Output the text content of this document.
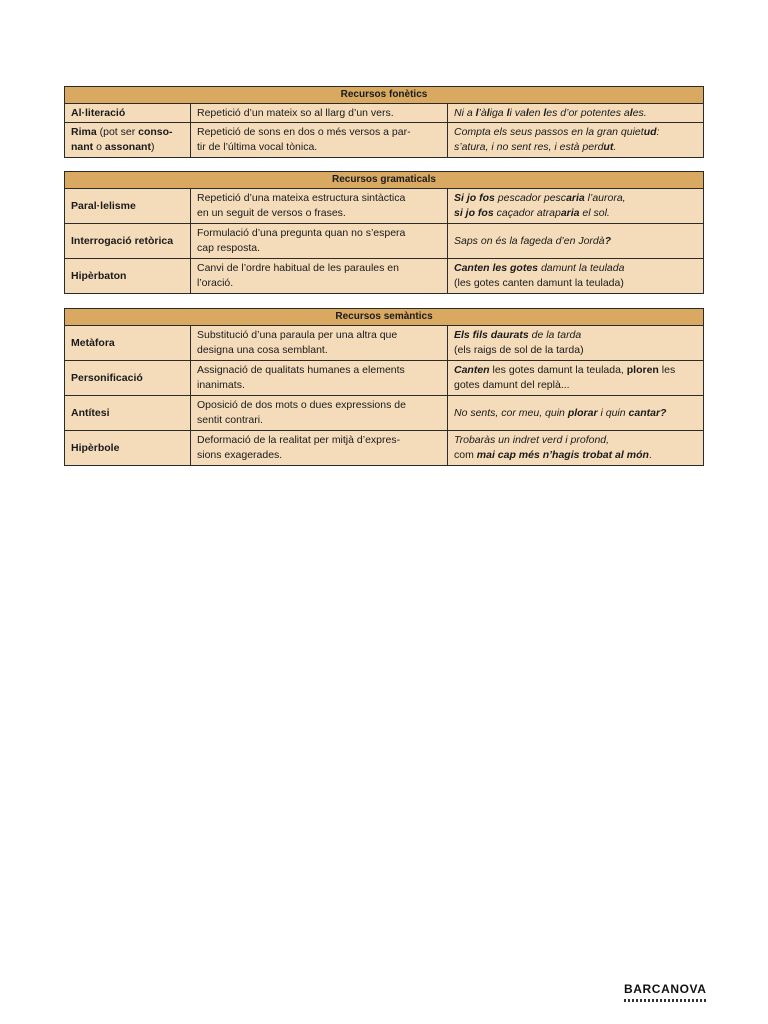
Recursos fonètics
Al·literació	Repetició d’un mateix so al llarg d’un vers.	Ni a l’àliga li valen les d’or potentes ales.
Rima (pot ser conso-
nant o assonant)
Repetició de sons en dos o més versos a par-
tir de l’última vocal tònica.
Compta els seus passos en la gran quietud:
s’atura, i no sent res, i està perdut.
Recursos gramaticals
Paral·lelisme
Repetició d’una mateixa estructura sintàctica
en un seguit de versos o frases.
Si jo fos pescador pescaria l’aurora,
si jo fos caçador atraparia el sol.
Interrogació retòrica
Formulació d’una pregunta quan no s’espera
cap resposta.
Saps on és la fageda d’en Jordà?
Hipèrbaton
Canvi de l’ordre habitual de les paraules en
l’oració.
Canten les gotes damunt la teulada
(les gotes canten damunt la teulada)
Recursos semàntics
Metàfora
Substitució d’una paraula per una altra que
designa una cosa semblant.
Els fils daurats de la tarda
(els raigs de sol de la tarda)
Personificació
Assignació de qualitats humanes a elements
inanimats.
Canten les gotes damunt la teulada, ploren les
gotes damunt del replà...
Antítesi
Oposició de dos mots o dues expressions de
sentit contrari.
No sents, cor meu, quin plorar i quin cantar?
Hipèrbole
Deformació de la realitat per mitjà d’expres-
sions exagerades.
Trobaràs un indret verd i profond,
com mai cap més n’hagis trobat al món.
BARCANOVA
